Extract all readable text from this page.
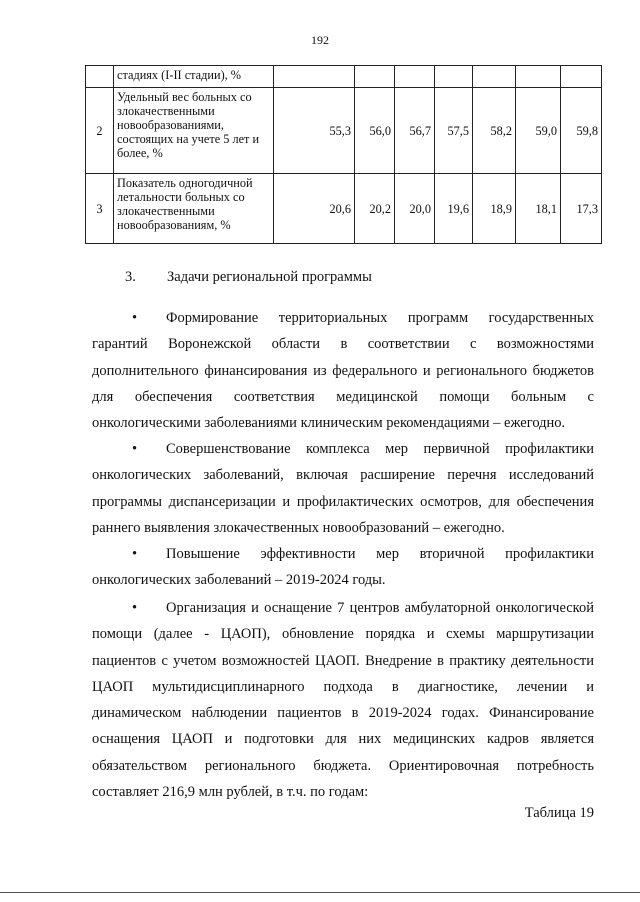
192
	стадиях (I-II стадии), %							
2	Удельный вес больных со злокачественными новообразованиями, состоящих на учете 5 лет и более, %	55,3	56,0	56,7	57,5	58,2	59,0	59,8
3	Показатель одногодичной летальности больных со злокачественными новообразованиям, %	20,6	20,2	20,0	19,6	18,9	18,1	17,3
3. Задачи региональной программы
• Формирование территориальных программ государственных гарантий Воронежской области в соответствии с возможностями дополнительного финансирования из федерального и регионального бюджетов для обеспечения соответствия медицинской помощи больным с онкологическими заболеваниями клиническим рекомендациями – ежегодно.
• Совершенствование комплекса мер первичной профилактики онкологических заболеваний, включая расширение перечня исследований программы диспансеризации и профилактических осмотров, для обеспечения раннего выявления злокачественных новообразований – ежегодно.
• Повышение эффективности мер вторичной профилактики онкологических заболеваний – 2019-2024 годы.
• Организация и оснащение 7 центров амбулаторной онкологической помощи (далее - ЦАОП), обновление порядка и схемы маршрутизации пациентов с учетом возможностей ЦАОП. Внедрение в практику деятельности ЦАОП мультидисциплинарного подхода в диагностике, лечении и динамическом наблюдении пациентов в 2019-2024 годах. Финансирование оснащения ЦАОП и подготовки для них медицинских кадров является обязательством регионального бюджета. Ориентировочная потребность составляет 216,9 млн рублей, в т.ч. по годам:
Таблица 19
